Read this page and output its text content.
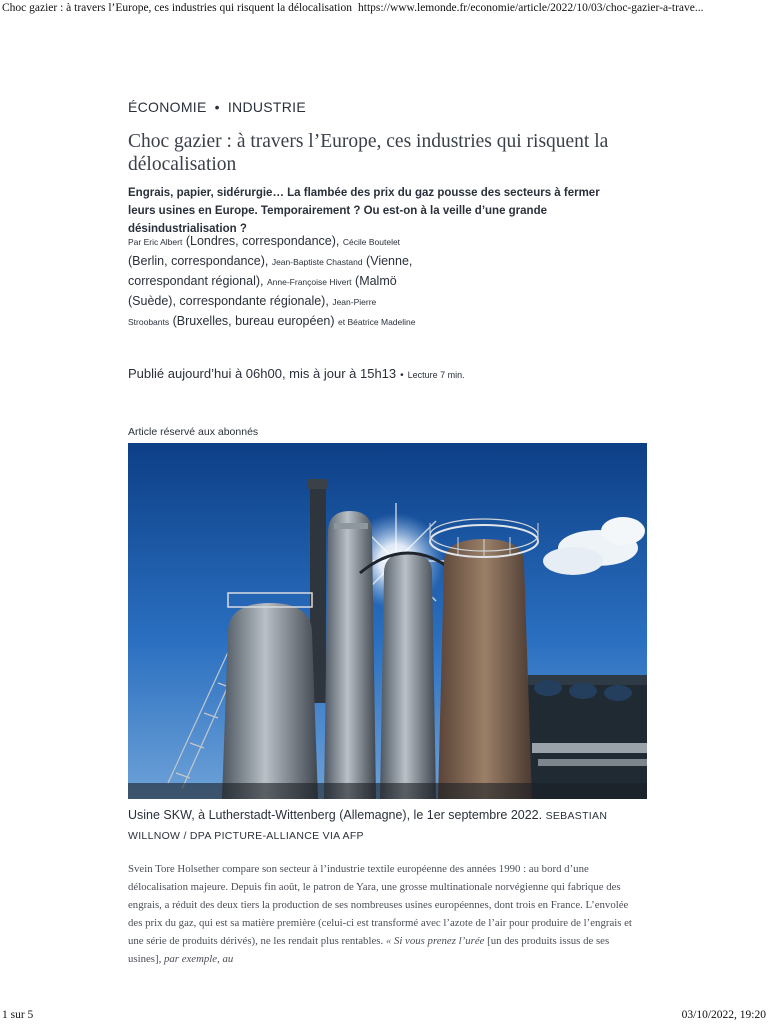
Choc gazier : à travers l’Europe, ces industries qui risquent la délocalisation https://www.lemonde.fr/economie/article/2022/10/03/choc-gazier-a-trave...
ÉCONOMIE • INDUSTRIE
Choc gazier : à travers l’Europe, ces industries qui risquent la délocalisation
Engrais, papier, sidérurgie… La flambée des prix du gaz pousse des secteurs à fermer leurs usines en Europe. Temporairement ? Ou est-on à la veille d’une grande désindustrialisation ?
Par Eric Albert (Londres, correspondance), Cécile Boutelet (Berlin, correspondance), Jean-Baptiste Chastand (Vienne, correspondant régional), Anne-Françoise Hivert (Malmö (Suède), correspondante régionale), Jean-Pierre Stroobants (Bruxelles, bureau européen) et Béatrice Madeline
Publié aujourd’hui à 06h00, mis à jour à 15h13 • Lecture 7 min.
Article réservé aux abonnés
Usine SKW, à Lutherstadt-Wittenberg (Allemagne), le 1er septembre 2022. SEBASTIAN WILLNOW / DPA PICTURE-ALLIANCE VIA AFP

Svein Tore Holsether compare son secteur à l’industrie textile européenne des années 1990 : au bord d’une délocalisation majeure. Depuis fin août, le patron de Yara, une grosse multinationale norvégienne qui fabrique des engrais, a réduit des deux tiers la production de ses nombreuses usines européennes, dont trois en France. L’envolée des prix du gaz, qui est sa matière première (celui-ci est transformé avec l’azote de l’air pour produire de l’engrais et une série de produits dérivés), ne les rendait plus rentables. « Si vous prenez l’urée [un des produits issus de ses usines], par exemple, au

1 sur 5	03/10/2022, 19:20
